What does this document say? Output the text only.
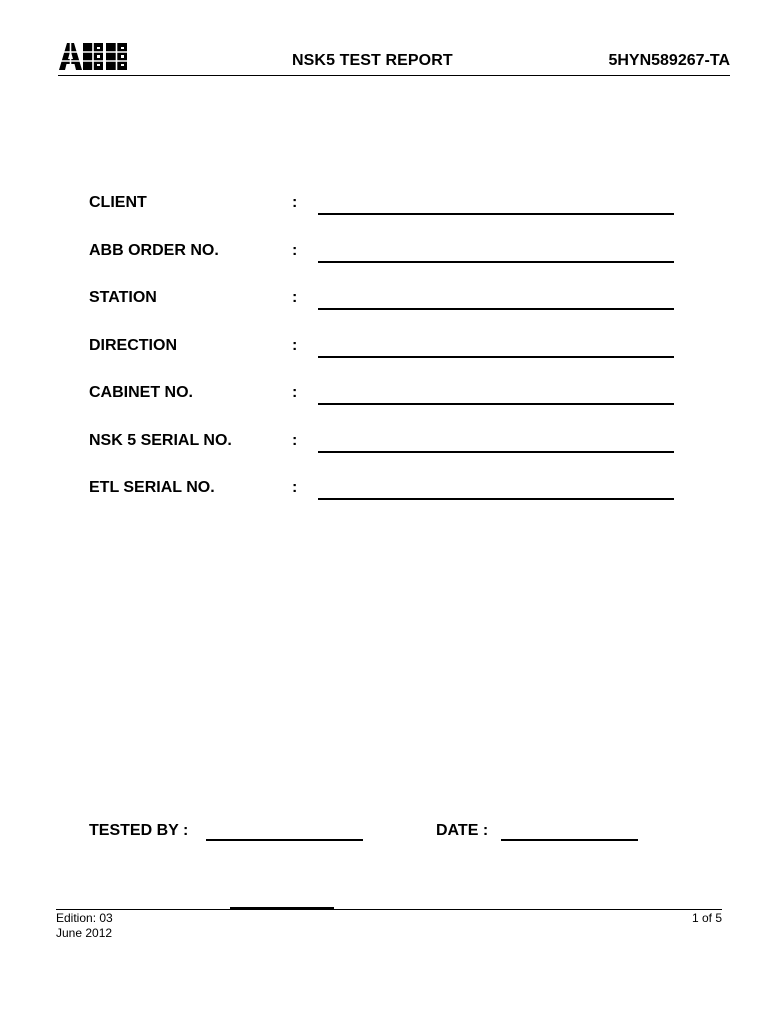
NSK5 TEST REPORT	5HYN589267-TA
CLIENT	:
ABB ORDER NO.	:
STATION	:
DIRECTION	:
CABINET NO.	:
NSK 5 SERIAL NO.	:
ETL SERIAL NO.	:
TESTED BY :	DATE :
Edition: 03
June 2012
1 of 5
